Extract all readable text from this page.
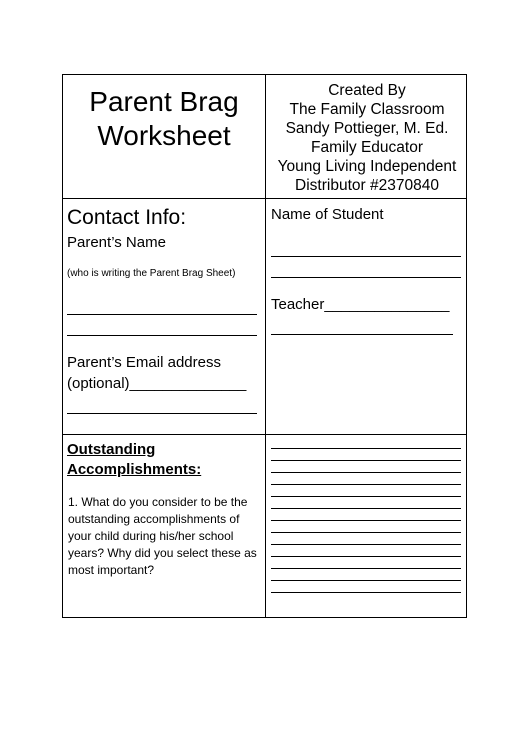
Parent Brag
Worksheet
Created By
The Family Classroom
Sandy Pottieger, M. Ed.
Family Educator
Young Living Independent
Distributor #2370840
Contact Info:
Parent’s Name
(who is writing the Parent Brag Sheet)
Parent’s Email address
(optional)______________
Name of Student
Teacher_______________
Outstanding
Accomplishments:
1. What do you consider to be the outstanding accomplishments of your child during his/her school years? Why did you select these as most important?
